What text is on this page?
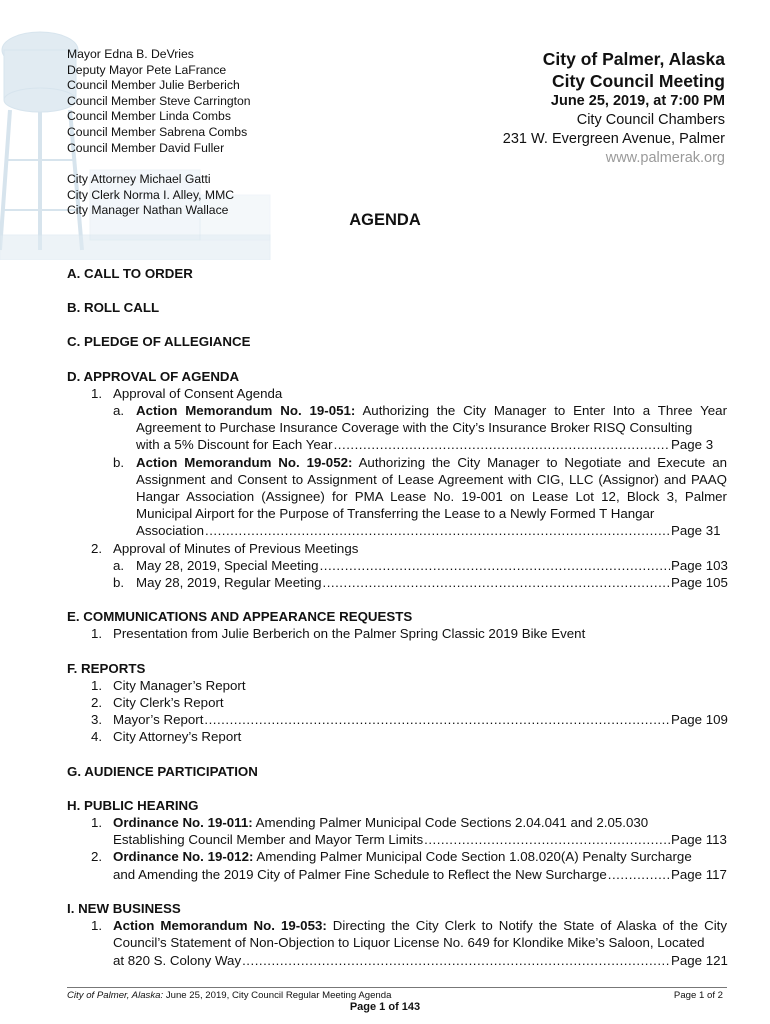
Mayor Edna B. DeVries
Deputy Mayor Pete LaFrance
Council Member Julie Berberich
Council Member Steve Carrington
Council Member Linda Combs
Council Member Sabrena Combs
Council Member David Fuller
City Attorney Michael Gatti
City Clerk Norma I. Alley, MMC
City Manager Nathan Wallace
City of Palmer, Alaska
City Council Meeting
June 25, 2019, at 7:00 PM
City Council Chambers
231 W. Evergreen Avenue, Palmer
www.palmerak.org
AGENDA
A. CALL TO ORDER
B. ROLL CALL
C. PLEDGE OF ALLEGIANCE
D. APPROVAL OF AGENDA
1. Approval of Consent Agenda
a. Action Memorandum No. 19-051: Authorizing the City Manager to Enter Into a Three Year Agreement to Purchase Insurance Coverage with the City’s Insurance Broker RISQ Consulting
with a 5% Discount for Each Year .....	Page 3
b. Action Memorandum No. 19-052: Authorizing the City Manager to Negotiate and Execute an Assignment and Consent to Assignment of Lease Agreement with CIG, LLC (Assignor) and PAAQ Hangar Association (Assignee) for PMA Lease No. 19-001 on Lease Lot 12, Block 3, Palmer Municipal Airport for the Purpose of Transferring the Lease to a Newly Formed T Hangar
Association .....	Page 31
2. Approval of Minutes of Previous Meetings
a. May 28, 2019, Special Meeting .....	Page 103
b. May 28, 2019, Regular Meeting .....	Page 105
E. COMMUNICATIONS AND APPEARANCE REQUESTS
1. Presentation from Julie Berberich on the Palmer Spring Classic 2019 Bike Event
F. REPORTS
1. City Manager’s Report
2. City Clerk’s Report
3. Mayor’s Report .....	Page 109
4. City Attorney’s Report
G. AUDIENCE PARTICIPATION
H. PUBLIC HEARING
1. Ordinance No. 19-011: Amending Palmer Municipal Code Sections 2.04.041 and 2.05.030
Establishing Council Member and Mayor Term Limits .....	Page 113
2. Ordinance No. 19-012: Amending Palmer Municipal Code Section 1.08.020(A) Penalty Surcharge
and Amending the 2019 City of Palmer Fine Schedule to Reflect the New Surcharge .....	Page 117
I. NEW BUSINESS
1. Action Memorandum No. 19-053: Directing the City Clerk to Notify the State of Alaska of the City Council’s Statement of Non-Objection to Liquor License No. 649 for Klondike Mike’s Saloon, Located
at 820 S. Colony Way .....	Page 121
City of Palmer, Alaska: June 25, 2019, City Council Regular Meeting Agenda	Page 1 of 2
Page 1 of 143
